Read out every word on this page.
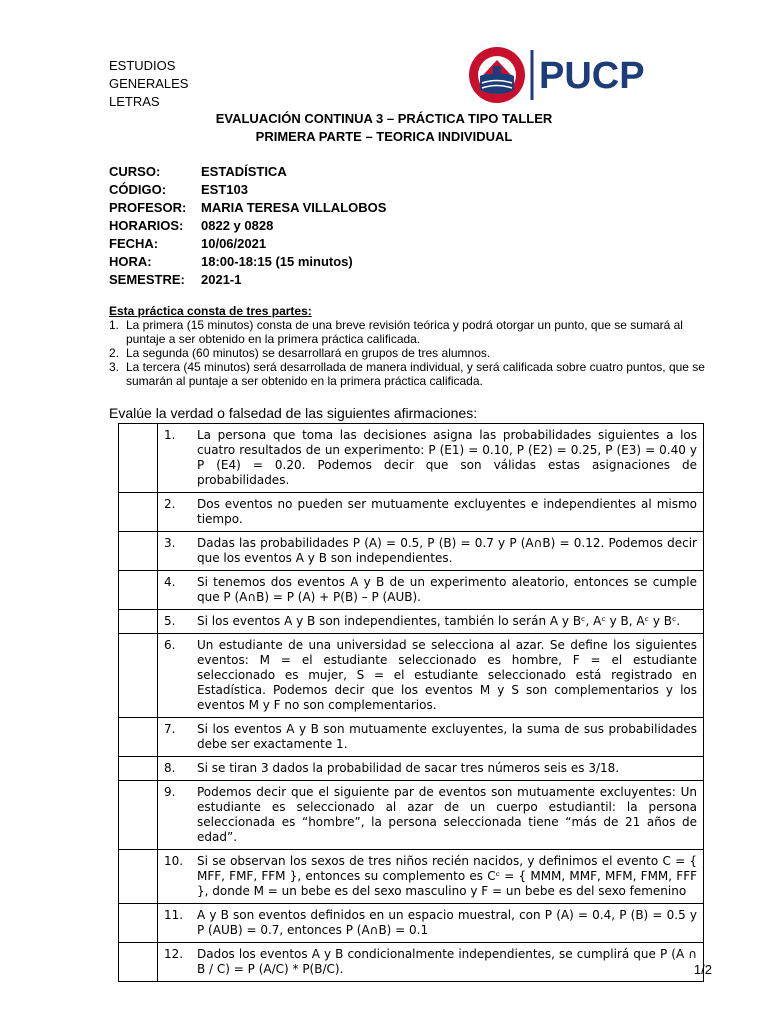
ESTUDIOS
GENERALES
LETRAS
PUCP
EVALUACIÓN CONTINUA 3 – PRÁCTICA TIPO TALLER
PRIMERA PARTE – TEORICA INDIVIDUAL
CURSO:	ESTADÍSTICA
CÓDIGO:	EST103
PROFESOR: MARIA TERESA VILLALOBOS
HORARIOS: 0822 y 0828
FECHA:	10/06/2021
HORA:	18:00-18:15 (15 minutos)
SEMESTRE: 2021-1
Esta práctica consta de tres partes:
1. La primera (15 minutos) consta de una breve revisión teórica y podrá otorgar un punto, que se sumará al puntaje a ser obtenido en la primera práctica calificada.
2. La segunda (60 minutos) se desarrollará en grupos de tres alumnos.
3. La tercera (45 minutos) será desarrollada de manera individual, y será calificada sobre cuatro puntos, que se sumarán al puntaje a ser obtenido en la primera práctica calificada.
Evalúe la verdad o falsedad de las siguientes afirmaciones:

	1. La persona que toma las decisiones asigna las probabilidades siguientes a los cuatro resultados de un experimento: P (E1) = 0.10, P (E2) = 0.25, P (E3) = 0.40 y P (E4) = 0.20. Podemos decir que son válidas estas asignaciones de probabilidades.

	2. Dos eventos no pueden ser mutuamente excluyentes e independientes al mismo tiempo.

	3. Dadas las probabilidades P (A) = 0.5, P (B) = 0.7 y P (A∩B) = 0.12. Podemos decir que los eventos A y B son independientes.

	4. Si tenemos dos eventos A y B de un experimento aleatorio, entonces se cumple que P (A∩B) = P (A) + P(B) – P (AUB).

	5. Si los eventos A y B son independientes, también lo serán A y Bᶜ, Aᶜ y B, Aᶜ y Bᶜ.

	6. Un estudiante de una universidad se selecciona al azar. Se define los siguientes eventos: M = el estudiante seleccionado es hombre, F = el estudiante seleccionado es mujer, S = el estudiante seleccionado está registrado en Estadística. Podemos decir que los eventos M y S son complementarios y los eventos M y F no son complementarios.

	7. Si los eventos A y B son mutuamente excluyentes, la suma de sus probabilidades debe ser exactamente 1.

	8. Si se tiran 3 dados la probabilidad de sacar tres números seis es 3/18.

	9. Podemos decir que el siguiente par de eventos son mutuamente excluyentes: Un estudiante es seleccionado al azar de un cuerpo estudiantil: la persona seleccionada es “hombre”, la persona seleccionada tiene “más de 21 años de edad”.

	10. Si se observan los sexos de tres niños recién nacidos, y definimos el evento C = { MFF, FMF, FFM }, entonces su complemento es Cᶜ = { MMM, MMF, MFM, FMM, FFF }, donde M = un bebe es del sexo masculino y F = un bebe es del sexo femenino

	11. A y B son eventos definidos en un espacio muestral, con P (A) = 0.4, P (B) = 0.5 y P (AUB) = 0.7, entonces P (A∩B) = 0.1

	12. Dados los eventos A y B condicionalmente independientes, se cumplirá que P (A ∩ B / C) = P (A/C) * P(B/C).	1/2
